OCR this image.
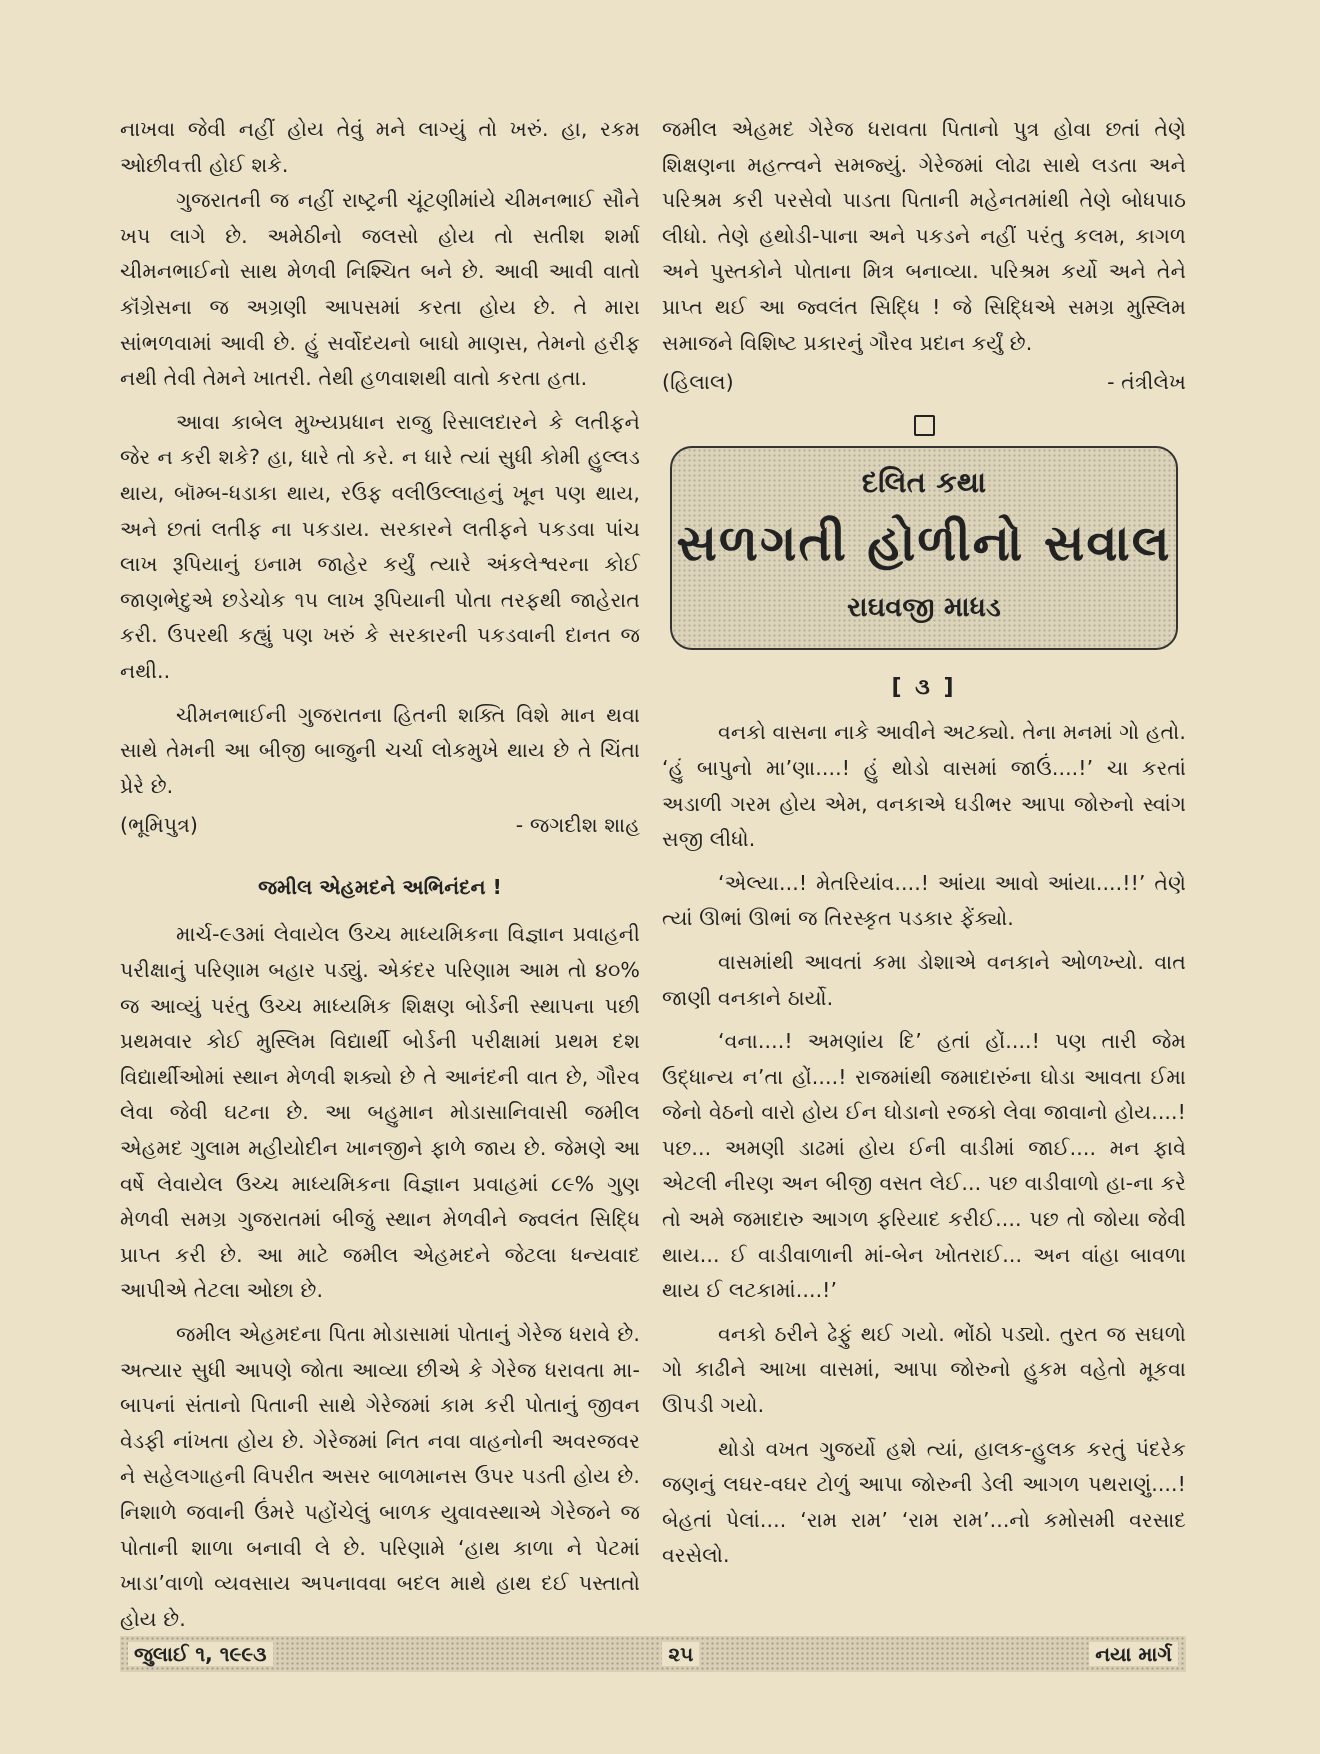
નાખવા જેવી નહીં હોય તેવું મને લાગ્યું તો ખરું. હા, રકમ ઓછીવત્તી હોઈ શકે.

ગુજરાતની જ નહીં રાષ્ટ્રની ચૂંટણીમાંયે ચીમનભાઈ સૌને ખપ લાગે છે. અમેઠીનો જલસો હોય તો સતીશ શર્મા ચીમનભાઈનો સાથ મેળવી નિશ્ચિત બને છે. આવી આવી વાતો કૉંગ્રેસના જ અગ્રણી આપસમાં કરતા હોય છે. તે મારા સાંભળવામાં આવી છે. હું સર્વોદયનો બાઘો માણસ, તેમનો હરીફ નથી તેવી તેમને ખાતરી. તેથી હળવાશથી વાતો કરતા હતા.

આવા કાબેલ મુખ્યપ્રધાન રાજુ રિસાલદારને કે લતીફને જેર ન કરી શકે? હા, ધારે તો કરે. ન ધારે ત્યાં સુધી કોમી હુલ્લડ થાય, બૉમ્બ-ધડાકા થાય, રઉફ વલીઉલ્લાહનું ખૂન પણ થાય, અને છતાં લતીફ ના પકડાય. સરકારને લતીફને પકડવા પાંચ લાખ રૂપિયાનું ઇનામ જાહેર કર્યું ત્યારે અંકલેશ્વરના કોઈ જાણભેદુએ છડેચોક ૧૫ લાખ રૂપિયાની પોતા તરફથી જાહેરાત કરી. ઉપરથી કહ્યું પણ ખરું કે સરકારની પકડવાની દાનત જ નથી..

ચીમનભાઈની ગુજરાતના હિતની શક્તિ વિશે માન થવા સાથે તેમની આ બીજી બાજુની ચર્ચા લોકમુખે થાય છે તે ચિંતા પ્રેરે છે.

(ભૂમિપુત્ર)	- જગદીશ શાહ
જમીલ એહમદને અભિનંદન !

માર્ચ-૯૩માં લેવાયેલ ઉચ્ચ માધ્યમિકના વિજ્ઞાન પ્રવાહની પરીક્ષાનું પરિણામ બહાર પડ્યું. એકંદર પરિણામ આમ તો ૪૦% જ આવ્યું પરંતુ ઉચ્ચ માધ્યમિક શિક્ષણ બોર્ડની સ્થાપના પછી પ્રથમવાર કોઈ મુસ્લિમ વિદ્યાર્થી બોર્ડની પરીક્ષામાં પ્રથમ દશ વિદ્યાર્થીઓમાં સ્થાન મેળવી શક્યો છે તે આનંદની વાત છે, ગૌરવ લેવા જેવી ઘટના છે. આ બહુમાન મોડાસાનિવાસી જમીલ એહમદ ગુલામ મહીયોદીન ખાનજીને ફાળે જાય છે. જેમણે આ વર્ષે લેવાયેલ ઉચ્ચ માધ્યમિકના વિજ્ઞાન પ્રવાહમાં ૮૯% ગુણ મેળવી સમગ્ર ગુજરાતમાં બીજું સ્થાન મેળવીને જ્વલંત સિદ્ધિ પ્રાપ્ત કરી છે. આ માટે જમીલ એહમદને જેટલા ધન્યવાદ આપીએ તેટલા ઓછા છે.

જમીલ એહમદના પિતા મોડાસામાં પોતાનું ગેરેજ ધરાવે છે. અત્યાર સુધી આપણે જોતા આવ્યા છીએ કે ગેરેજ ધરાવતા મા-બાપનાં સંતાનો પિતાની સાથે ગેરેજમાં કામ કરી પોતાનું જીવન વેડફી નાંખતા હોય છે. ગેરેજમાં નિત નવા વાહનોની અવરજવર ને સહેલગાહની વિપરીત અસર બાળમાનસ ઉપર પડતી હોય છે. નિશાળે જવાની ઉંમરે પહોંચેલું બાળક યુવાવસ્થાએ ગેરેજને જ પોતાની શાળા બનાવી લે છે. પરિણામે ‘હાથ કાળા ને પેટમાં ખાડા’વાળો વ્યવસાય અપનાવવા બદલ માથે હાથ દઈ પસ્તાતો હોય છે.

જમીલ એહમદ ગેરેજ ધરાવતા પિતાનો પુત્ર હોવા છતાં તેણે શિક્ષણના મહત્ત્વને સમજ્યું. ગેરેજમાં લોઢા સાથે લડતા અને પરિશ્રમ કરી પરસેવો પાડતા પિતાની મહેનતમાંથી તેણે બોધપાઠ લીધો. તેણે હથોડી-પાના અને પકડને નહીં પરંતુ કલમ, કાગળ અને પુસ્તકોને પોતાના મિત્ર બનાવ્યા. પરિશ્રમ કર્યો અને તેને પ્રાપ્ત થઈ આ જ્વલંત સિદ્ધિ ! જે સિદ્ધિએ સમગ્ર મુસ્લિમ સમાજને વિશિષ્ટ પ્રકારનું ગૌરવ પ્રદાન કર્યું છે.

(હિલાલ)	- તંત્રીલેખ
દલિત કથા
સળગતી હોળીનો સવાલ
રાઘવજી માધડ
[ ૩ ]

વનકો વાસના નાકે આવીને અટક્યો. તેના મનમાં ગો હતો. ‘હું બાપુનો મા’ણા....! હું થોડો વાસમાં જાઉં....!’ ચા કરતાં અડાળી ગરમ હોય એમ, વનકાએ ઘડીભર આપા જોરુનો સ્વાંગ સજી લીધો.

‘એલ્યા...! મેતરિયાંવ....! આંયા આવો આંયા....!!’ તેણે ત્યાં ઊભાં ઊભાં જ તિરસ્કૃત પડકાર ફેંક્યો.

વાસમાંથી આવતાં કમા ડોશાએ વનકાને ઓળખ્યો. વાત જાણી વનકાને ઠાર્યો.

‘વના....! અમણાંય દિ’ હતાં હોં....! પણ તારી જેમ ઉદ્ધાન્ય ન’તા હોં....! રાજમાંથી જમાદારુંના ઘોડા આવતા ઈમા જેનો વેઠનો વારો હોય ઈન ઘોડાનો રજકો લેવા જાવાનો હોય....! પછ... અમણી ડાઢમાં હોય ઈની વાડીમાં જાઈ.... મન ફાવે એટલી નીરણ અન બીજી વસત લેઈ... પછ વાડીવાળો હા-ના કરે તો અમે જમાદારુ આગળ ફરિયાદ કરીઈ.... પછ તો જોયા જેવી થાય... ઈ વાડીવાળાની માં-બેન ખોતરાઈ... અન વાંહા બાવળા થાય ઈ લટકામાં....!’

વનકો ઠરીને ઢેફું થઈ ગયો. ભોંઠો પડ્યો. તુરત જ સઘળો ગો કાઢીને આખા વાસમાં, આપા જોરુનો હુકમ વહેતો મૂકવા ઊપડી ગયો.

થોડો વખત ગુજર્યો હશે ત્યાં, હાલક-હુલક કરતું પંદરેક જણનું લઘર-વઘર ટોળું આપા જોરુની ડેલી આગળ પથરાણું....! બેહતાં પેલાં.... ‘રામ રામ’ ‘રામ રામ’...નો કમોસમી વરસાદ વરસેલો.

જુલાઈ ૧, ૧૯૯૩	૨૫	નયા માર્ગ
